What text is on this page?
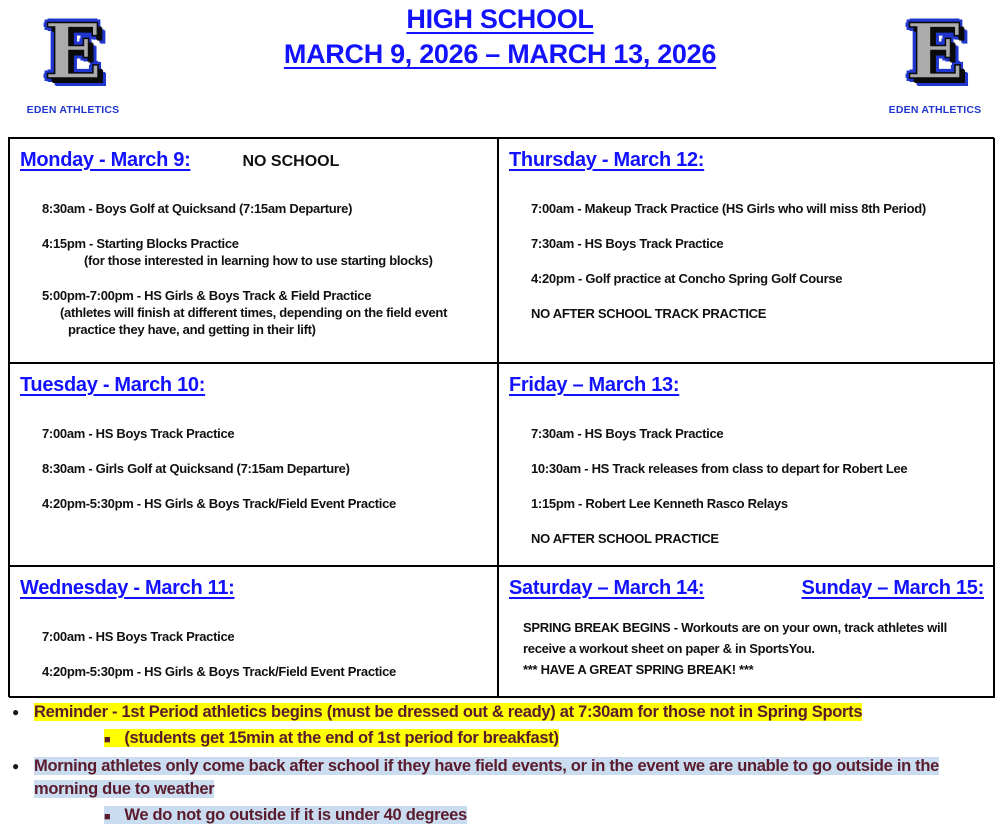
E
EDEN ATHLETICS
HIGH SCHOOL
MARCH 9, 2026 – MARCH 13, 2026	E
EDEN ATHLETICS
Monday - March 9:	NO SCHOOL

8:30am - Boys Golf at Quicksand (7:15am Departure)

4:15pm - Starting Blocks Practice

(for those interested in learning how to use starting blocks)

5:00pm-7:00pm - HS Girls & Boys Track & Field Practice

(athletes will finish at different times, depending on the field event practice they have, and getting in their lift)

Thursday - March 12:

7:00am - Makeup Track Practice (HS Girls who will miss 8th Period)

7:30am - HS Boys Track Practice

4:20pm - Golf practice at Concho Spring Golf Course

NO AFTER SCHOOL TRACK PRACTICE

Tuesday - March 10:

7:00am - HS Boys Track Practice

8:30am - Girls Golf at Quicksand (7:15am Departure)

4:20pm-5:30pm - HS Girls & Boys Track/Field Event Practice

Friday – March 13:

7:30am - HS Boys Track Practice

10:30am - HS Track releases from class to depart for Robert Lee

1:15pm - Robert Lee Kenneth Rasco Relays

NO AFTER SCHOOL PRACTICE

Wednesday - March 11:

7:00am - HS Boys Track Practice

4:20pm-5:30pm - HS Girls & Boys Track/Field Event Practice

Saturday – March 14:	Sunday – March 15:

SPRING BREAK BEGINS - Workouts are on your own, track athletes will receive a workout sheet on paper & in SportsYou.

*** HAVE A GREAT SPRING BREAK! ***

● Reminder - 1st Period athletics begins (must be dressed out & ready) at 7:30am for those not in Spring Sports
■ (students get 15min at the end of 1st period for breakfast)
● Morning athletes only come back after school if they have field events, or in the event we are unable to go outside in the morning due to weather
■ We do not go outside if it is under 40 degrees
